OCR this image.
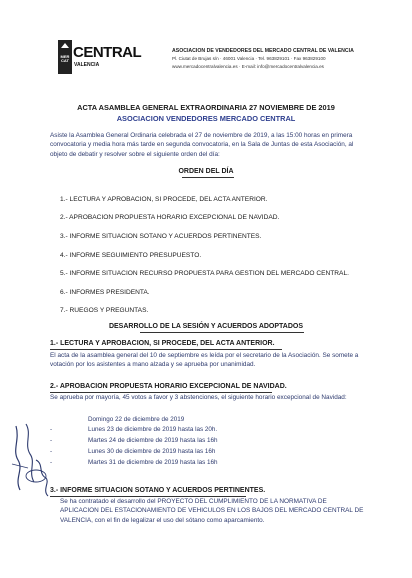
MER CAT CENTRAL
VALENCIA
ASOCIACION DE VENDEDORES DEL MERCADO CENTRAL DE VALENCIA
Pl. Ciutat de Brujas s/n · 46001 Valencia · Tel. 963829101 · Fax 963829100
www.mercadocentralvalencia.es · E-mail: info@mercadocentralvalencia.es
ACTA ASAMBLEA GENERAL EXTRAORDINARIA 27 NOVIEMBRE DE 2019
ASOCIACION VENDEDORES MERCADO CENTRAL
Asiste la Asamblea General Ordinaria celebrada el 27 de noviembre de 2019, a las 15:00 horas en primera convocatoria y media hora más tarde en segunda convocatoria, en la Sala de Juntas de esta Asociación, al objeto de debatir y resolver sobre el siguiente orden del día:
ORDEN DEL DÍA
1.- LECTURA Y APROBACION, SI PROCEDE, DEL ACTA ANTERIOR.
2.- APROBACION PROPUESTA HORARIO EXCEPCIONAL DE NAVIDAD.
3.- INFORME SITUACION SOTANO Y ACUERDOS PERTINENTES.
4.- INFORME SEGUIMIENTO PRESUPUESTO.
5.- INFORME SITUACION RECURSO PROPUESTA PARA GESTION DEL MERCADO CENTRAL.
6.- INFORMES PRESIDENTA.
7.- RUEGOS Y PREGUNTAS.
DESARROLLO DE LA SESIÓN Y ACUERDOS ADOPTADOS
1.- LECTURA Y APROBACION, SI PROCEDE, DEL ACTA ANTERIOR.
El acta de la asamblea general del 10 de septiembre es leída por el secretario de la Asociación. Se somete a votación por los asistentes a mano alzada y se aprueba por unanimidad.
2.- APROBACION PROPUESTA HORARIO EXCEPCIONAL DE NAVIDAD.
Se aprueba por mayoría, 45 votos a favor y 3 abstenciones, el siguiente horario excepcional de Navidad:
Domingo 22 de diciembre de 2019
-	Lunes 23 de diciembre de 2019 hasta las 20h.
-	Martes 24 de diciembre de 2019 hasta las 16h
-	Lunes 30 de diciembre de 2019 hasta las 16h
-	Martes 31 de diciembre de 2019 hasta las 16h
3.- INFORME SITUACION SOTANO Y ACUERDOS PERTINENTES.
Se ha contratado el desarrollo del PROYECTO DEL CUMPLIMIENTO DE LA NORMATIVA DE APLICACION DEL ESTACIONAMIENTO DE VEHICULOS EN LOS BAJOS DEL MERCADO CENTRAL DE VALENCIA, con el fin de legalizar el uso del sótano como aparcamiento.
